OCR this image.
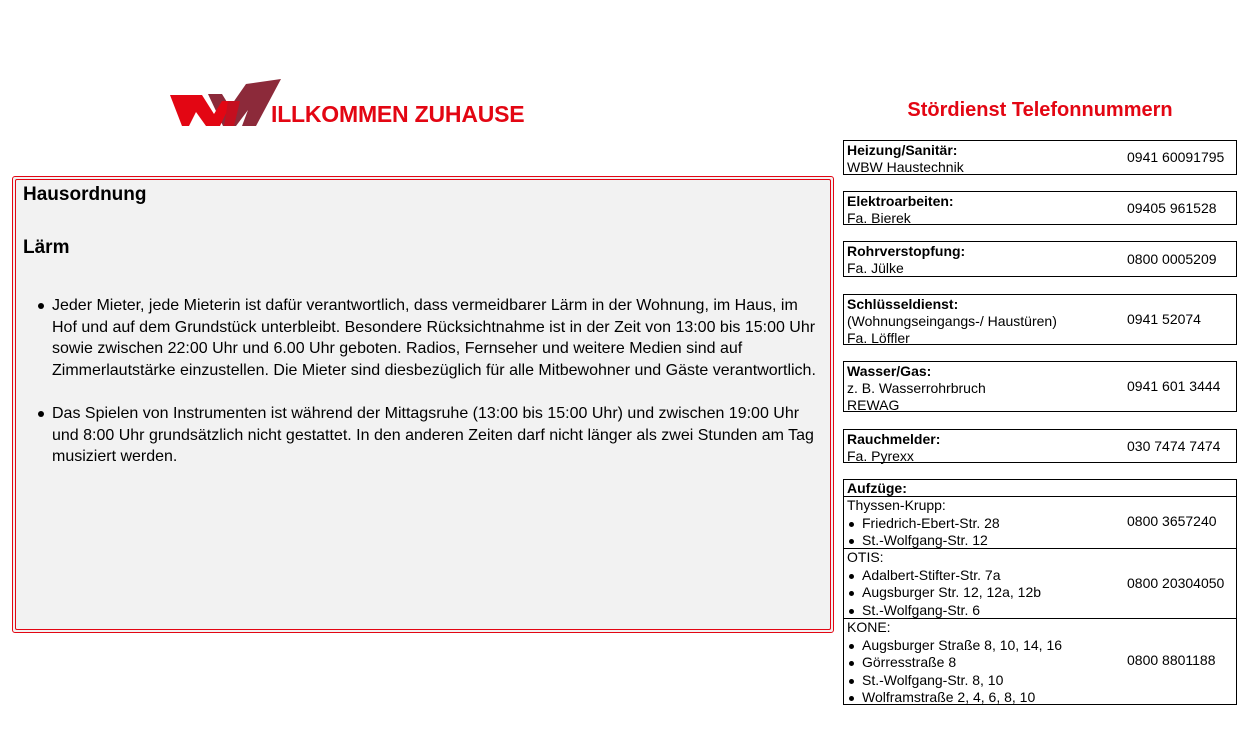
ILLKOMMEN ZUHAUSE
Hausordnung
Lärm
Jeder Mieter, jede Mieterin ist dafür verantwortlich, dass vermeidbarer Lärm in der Wohnung, im Haus, im Hof und auf dem Grundstück unterbleibt. Besondere Rücksichtnahme ist in der Zeit von 13:00 bis 15:00 Uhr sowie zwischen 22:00 Uhr und 6.00 Uhr geboten. Radios, Fernseher und weitere Medien sind auf Zimmerlautstärke einzustellen. Die Mieter sind diesbezüglich für alle Mitbewohner und Gäste verantwortlich.
Das Spielen von Instrumenten ist während der Mittagsruhe (13:00 bis 15:00 Uhr) und zwischen 19:00 Uhr und 8:00 Uhr grundsätzlich nicht gestattet. In den anderen Zeiten darf nicht länger als zwei Stunden am Tag musiziert werden.
Stördienst Telefonnummern
Heizung/Sanitär:
WBW Haustechnik
0941 60091795
Elektroarbeiten:
Fa. Bierek
09405 961528
Rohrverstopfung:
Fa. Jülke
0800 0005209
Schlüsseldienst:
(Wohnungseingangs-/ Haustüren)
Fa. Löffler
0941 52074
Wasser/Gas:
z. B. Wasserrohrbruch
REWAG
0941 601 3444
Rauchmelder:
Fa. Pyrexx
030 7474 7474
Aufzüge:
Thyssen-Krupp:
Friedrich-Ebert-Str. 28
St.-Wolfgang-Str. 12
0800 3657240
OTIS:
Adalbert-Stifter-Str. 7a
Augsburger Str. 12, 12a, 12b
St.-Wolfgang-Str. 6
0800 20304050
KONE:
Augsburger Straße 8, 10, 14, 16
Görresstraße 8
St.-Wolfgang-Str. 8, 10
Wolframstraße 2, 4, 6, 8, 10
0800 8801188
